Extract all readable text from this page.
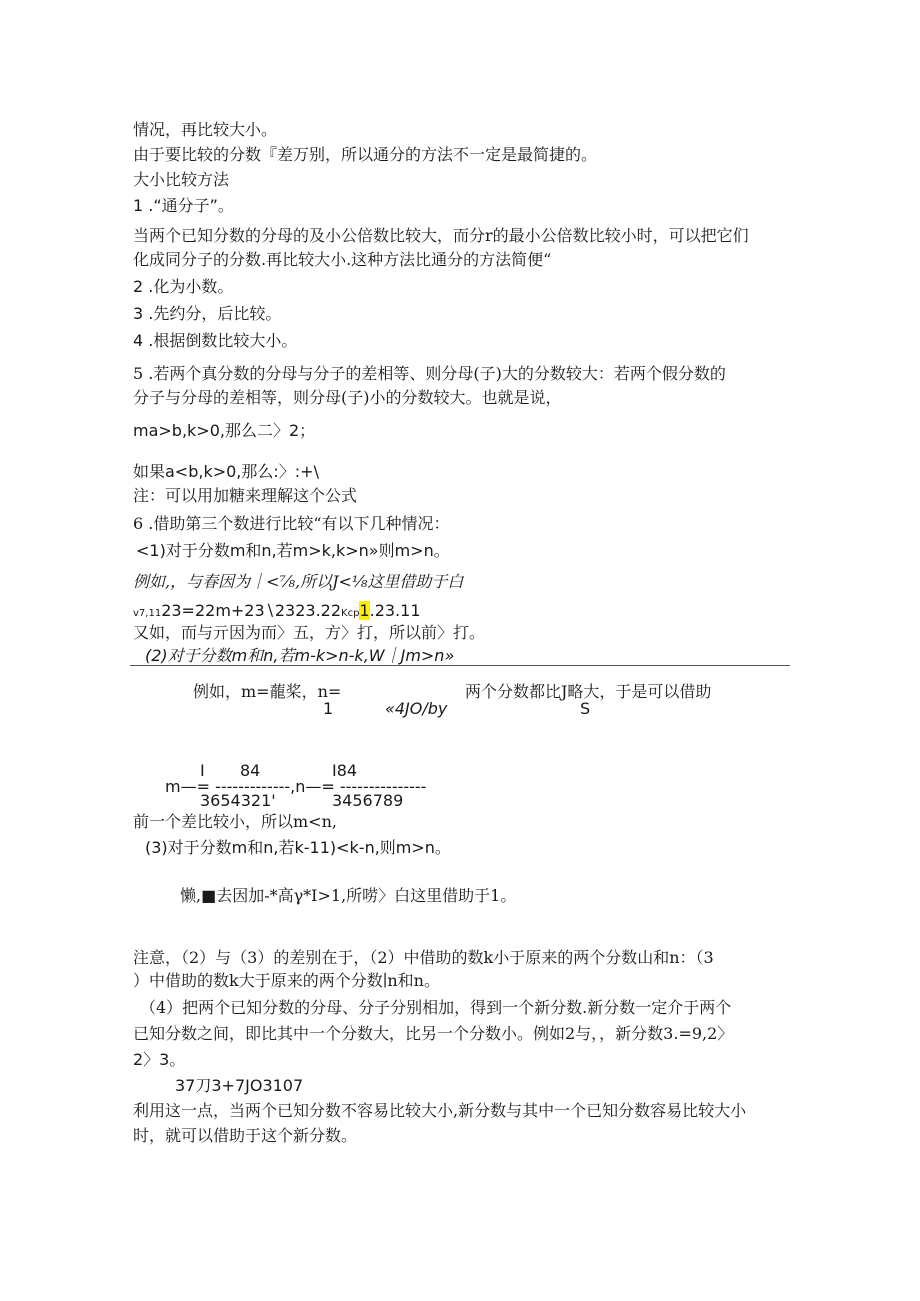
情况，再比较大小。
由于要比较的分数『差万别，所以通分的方法不一定是最简捷的。
大小比较方法
1 .“通分子”。
当两个已知分数的分母的及小公倍数比较大，而分r的最小公倍数比较小时，可以把它们
化成同分子的分数.再比较大小.这种方法比通分的方法简便“
2 .化为小数。
3 .先约分，后比较。
4 .根据倒数比较大小。
5 .若两个真分数的分母与分子的差相等、则分母(子)大的分数较大：若两个假分数的
分子与分母的差相等，则分母(子)小的分数较大。也就是说，
ma>b,k>0,那么二〉2；
如果a<b,k>0,那么:〉:+\
注：可以用加糖来理解这个公式
6 .借助第三个数进行比较“有以下几种情况：
<1)对于分数m和n,若m>k,k>n»则m>n。
例如,，与春因为｜<⅞,所以J<⅛这里借助于白
v7,1123=22m+23∖2323.22Kcp1.23.11
又如，而与亓因为而〉五，方〉打，所以前〉打。
(2)对于分数m和n,若m-k>n-k,W｜Jm>n»
例如，m=蘢桨，n=	两个分数都比J略大，于是可以借助
1	«4JO∕by	S
I 84	I84
m—= -------------,n—= ---------------
3654321'	3456789
前一个差比较小，所以m<n,
(3)对于分数m和n,若k-11)<k-n,则m>n。
懒,■去因加-*高γ*I>1,所唠〉白这里借助于1。
注意，（2）与（3）的差别在于，（2）中借助的数k小于原来的两个分数山和n：（3
）中借助的数k大于原来的两个分数∣n和n。
（4）把两个已知分数的分母、分子分别相加，得到一个新分数.新分数一定介于两个
已知分数之间，即比其中一个分数大，比另一个分数小。例如2与，，新分数3.=9,2〉
2〉3。
37刀3+7JO3107
利用这一点，当两个已知分数不容易比较大小,新分数与其中一个已知分数容易比较大小
时，就可以借助于这个新分数。
